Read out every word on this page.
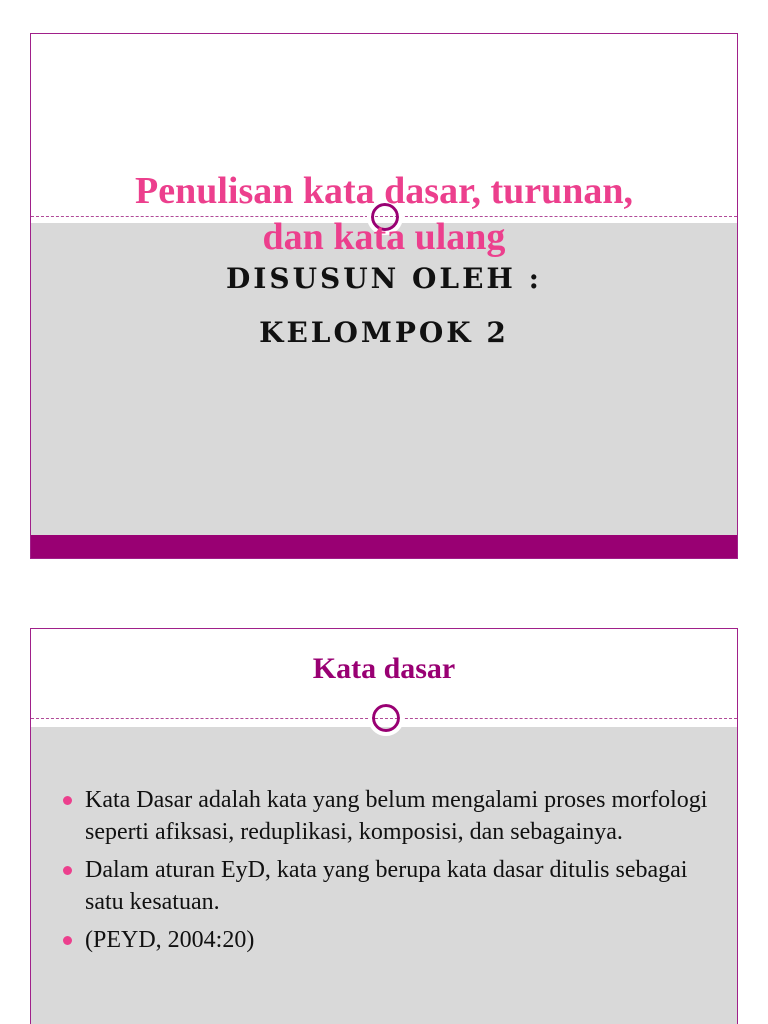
Penulisan kata dasar, turunan,
dan kata ulang
DISUSUN OLEH :
KELOMPOK 2
Kata dasar
Kata Dasar adalah kata yang belum mengalami proses morfologi seperti afiksasi, reduplikasi, komposisi, dan sebagainya.
Dalam aturan EyD, kata yang berupa kata dasar ditulis sebagai satu kesatuan.
(PEYD, 2004:20)
